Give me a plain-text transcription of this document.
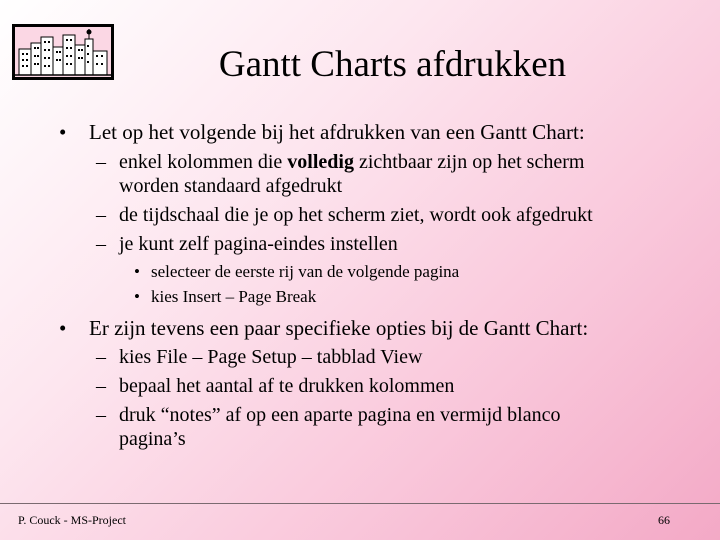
Gantt Charts afdrukken

• Let op het volgende bij het afdrukken van een Gantt Chart:

– enkel kolommen die volledig zichtbaar zijn op het scherm

worden standaard afgedrukt

– de tijdschaal die je op het scherm ziet, wordt ook afgedrukt

– je kunt zelf pagina-eindes instellen

• selecteer de eerste rij van de volgende pagina

• kies Insert – Page Break

• Er zijn tevens een paar specifieke opties bij de Gantt Chart:

– kies File – Page Setup – tabblad View

– bepaal het aantal af te drukken kolommen

– druk “notes” af op een aparte pagina en vermijd blanco

pagina’s

P. Couck - MS-Project	66
